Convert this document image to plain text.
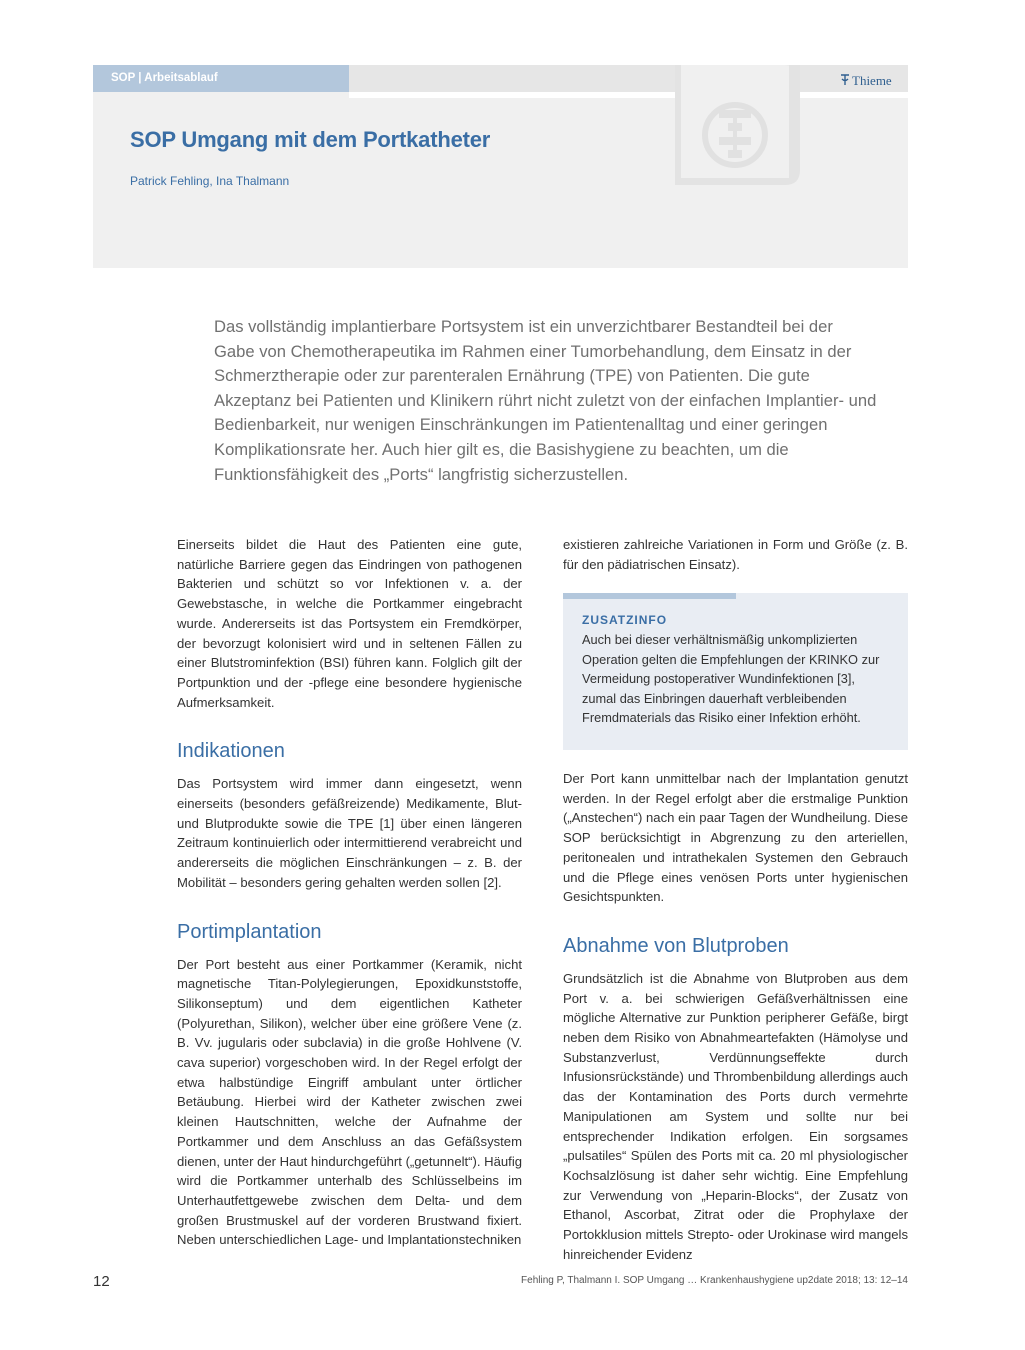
SOP | Arbeitsablauf	Thieme
SOP Umgang mit dem Portkatheter
Patrick Fehling, Ina Thalmann

Das vollständig implantierbare Portsystem ist ein unverzichtbarer Bestandteil bei der Gabe von Chemotherapeutika im Rahmen einer Tumorbehandlung, dem Einsatz in der Schmerztherapie oder zur parenteralen Ernährung (TPE) von Patienten. Die gute Akzeptanz bei Patienten und Klinikern rührt nicht zuletzt von der einfachen Implantier- und Bedienbarkeit, nur wenigen Einschränkungen im Patientenalltag und einer geringen Komplikationsrate her. Auch hier gilt es, die Basishygiene zu beachten, um die Funktionsfähigkeit des „Ports“ langfristig sicherzustellen.

Einerseits bildet die Haut des Patienten eine gute, natürliche Barriere gegen das Eindringen von pathogenen Bakterien und schützt so vor Infektionen v. a. der Gewebstasche, in welche die Portkammer eingebracht wurde. Andererseits ist das Portsystem ein Fremdkörper, der bevorzugt kolonisiert wird und in seltenen Fällen zu einer Blutstrominfektion (BSI) führen kann. Folglich gilt der Portpunktion und der -pflege eine besondere hygienische Aufmerksamkeit.

Indikationen

Das Portsystem wird immer dann eingesetzt, wenn einerseits (besonders gefäßreizende) Medikamente, Blut- und Blutprodukte sowie die TPE [1] über einen längeren Zeitraum kontinuierlich oder intermittierend verabreicht und andererseits die möglichen Einschränkungen – z. B. der Mobilität – besonders gering gehalten werden sollen [2].

Portimplantation

Der Port besteht aus einer Portkammer (Keramik, nicht magnetische Titan-Polylegierungen, Epoxidkunststoffe, Silikonseptum) und dem eigentlichen Katheter (Polyurethan, Silikon), welcher über eine größere Vene (z. B. Vv. jugularis oder subclavia) in die große Hohlvene (V. cava superior) vorgeschoben wird. In der Regel erfolgt der etwa halbstündige Eingriff ambulant unter örtlicher Betäubung. Hierbei wird der Katheter zwischen zwei kleinen Hautschnitten, welche der Aufnahme der Portkammer und dem Anschluss an das Gefäßsystem dienen, unter der Haut hindurchgeführt („getunnelt“). Häufig wird die Portkammer unterhalb des Schlüsselbeins im Unterhautfettgewebe zwischen dem Delta- und dem großen Brustmuskel auf der vorderen Brustwand fixiert. Neben unterschiedlichen Lage- und Implantationstechniken

existieren zahlreiche Variationen in Form und Größe (z. B. für den pädiatrischen Einsatz).

ZUSATZINFO

Auch bei dieser verhältnismäßig unkomplizierten Operation gelten die Empfehlungen der KRINKO zur Vermeidung postoperativer Wundinfektionen [3], zumal das Einbringen dauerhaft verbleibenden Fremdmaterials das Risiko einer Infektion erhöht.

Der Port kann unmittelbar nach der Implantation genutzt werden. In der Regel erfolgt aber die erstmalige Punktion („Anstechen“) nach ein paar Tagen der Wundheilung. Diese SOP berücksichtigt in Abgrenzung zu den arteriellen, peritonealen und intrathekalen Systemen den Gebrauch und die Pflege eines venösen Ports unter hygienischen Gesichtspunkten.

Abnahme von Blutproben

Grundsätzlich ist die Abnahme von Blutproben aus dem Port v. a. bei schwierigen Gefäßverhältnissen eine mögliche Alternative zur Punktion peripherer Gefäße, birgt neben dem Risiko von Abnahmeartefakten (Hämolyse und Substanzverlust, Verdünnungseffekte durch Infusionsrückstände) und Thrombenbildung allerdings auch das der Kontamination des Ports durch vermehrte Manipulationen am System und sollte nur bei entsprechender Indikation erfolgen. Ein sorgsames „pulsatiles“ Spülen des Ports mit ca. 20 ml physiologischer Kochsalzlösung ist daher sehr wichtig. Eine Empfehlung zur Verwendung von „Heparin-Blocks“, der Zusatz von Ethanol, Ascorbat, Zitrat oder die Prophylaxe der Portokklusion mittels Strepto- oder Urokinase wird mangels hinreichender Evidenz

12	Fehling P, Thalmann I. SOP Umgang … Krankenhaushygiene up2date 2018; 13: 12–14
